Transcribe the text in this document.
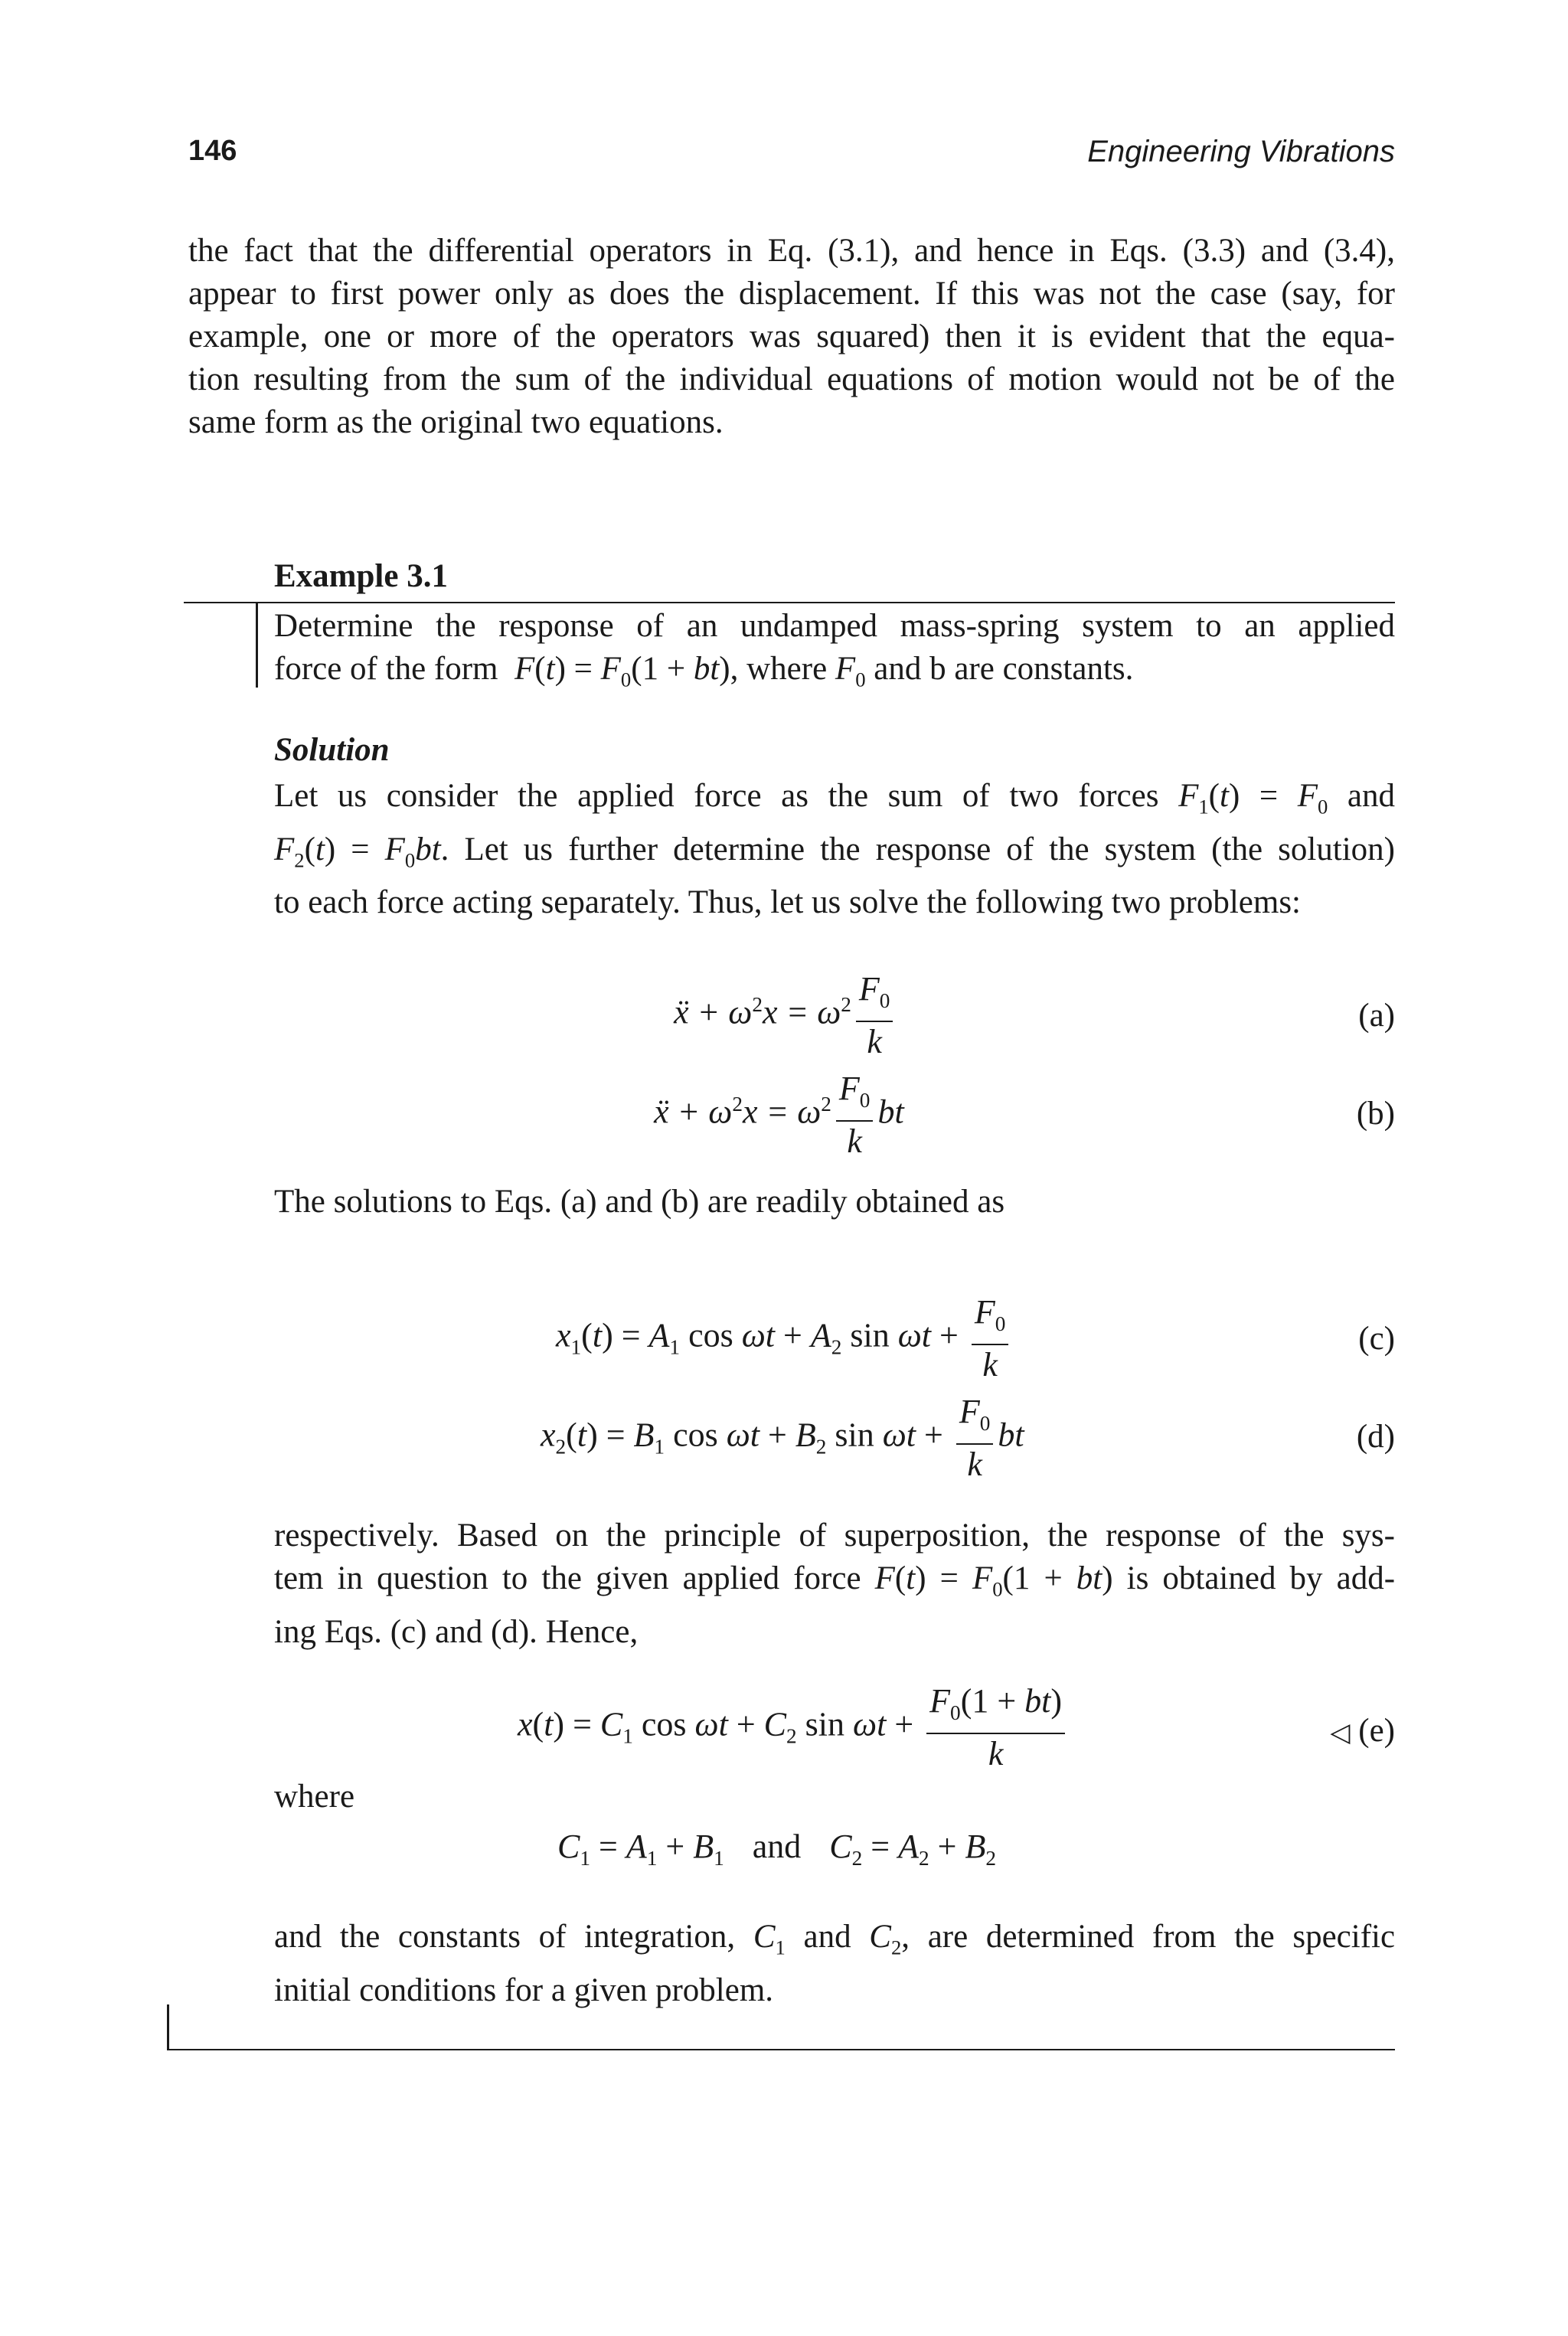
146	Engineering Vibrations
the fact that the differential operators in Eq. (3.1), and hence in Eqs. (3.3) and (3.4),
appear to first power only as does the displacement. If this was not the case (say, for
example, one or more of the operators was squared) then it is evident that the equa-
tion resulting from the sum of the individual equations of motion would not be of the
same form as the original two equations.
Example 3.1
Determine the response of an undamped mass-spring system to an applied
force of the form  $F(t) = F_0(1 + bt)$, where $F_0$ and b are constants.
Solution
Let us consider the applied force as the sum of two forces $F_1(t) = F_0$ and
$F_2(t) = F_0bt$. Let us further determine the response of the system (the solution)
to each force acting separately. Thus, let us solve the following two problems:
ẍ + $\omega^2x = \omega^2 \frac{F_0}{k}$	(a)
ẍ + $\omega^2x = \omega^2 \frac{F_0}{k}$ bt	(b)
The solutions to Eqs. (a) and (b) are readily obtained as
$x_1(t) = A_1$ $\cos \omega t + A_2$ $\sin \omega t + \frac{F_0}{k}$	(c)
$x_2(t) = B_1$ $\cos \omega t + B_2$ $\sin \omega t + \frac{F_0}{k}$ bt	(d)
respectively. Based on the principle of superposition, the response of the sys-
tem in question to the given applied force $F(t) = F_0(1 + bt)$ is obtained by add-
ing Eqs. (c) and (d). Hence,
$x(t) = C_1$ $\cos \omega t + C_2$ $\sin \omega t + \frac{F_0(1 + bt)}{k}$	◁ (e)
where
$C_1 = A_1 + B_1$ and $C_2 = A_2 + B_2$
and the constants of integration, $C_1$ and $C_2$, are determined from the specific
initial conditions for a given problem.
